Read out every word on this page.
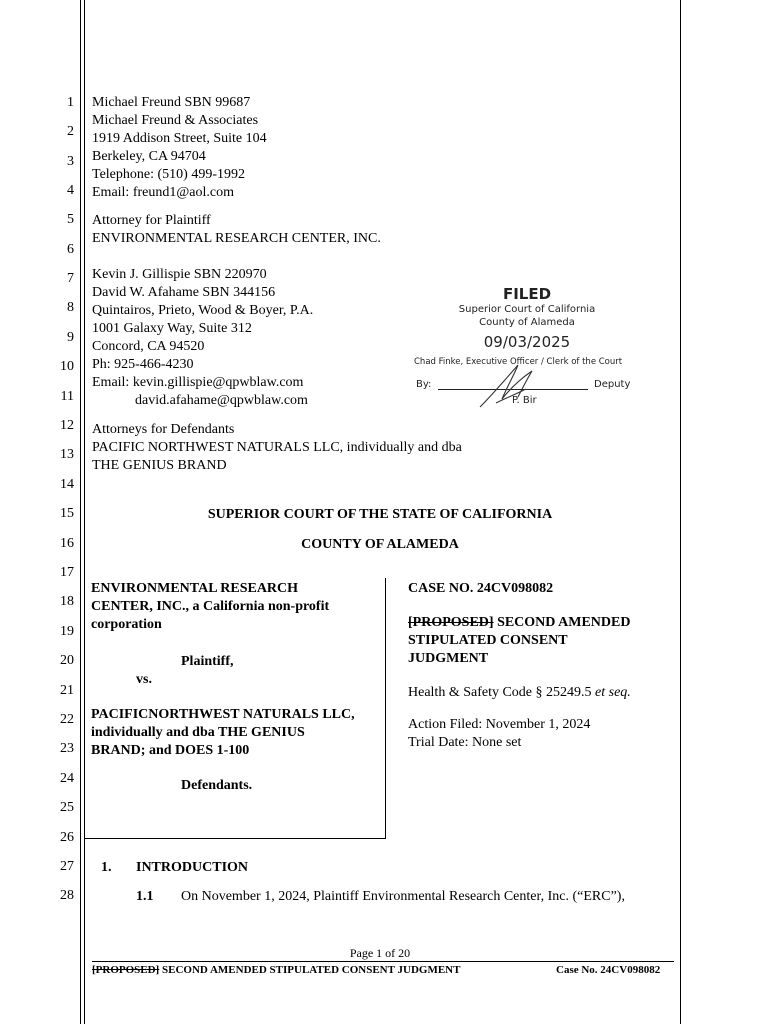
1
2
3
4
5
6
7
8
9
10
11
12
13
14
15
16
17
18
19
20
21
22
23
24
25
26
27
28
Michael Freund SBN 99687
Michael Freund & Associates
1919 Addison Street, Suite 104
Berkeley, CA 94704
Telephone: (510) 499-1992
Email: freund1@aol.com
Attorney for Plaintiff
ENVIRONMENTAL RESEARCH CENTER, INC.
Kevin J. Gillispie SBN 220970
David W. Afahame SBN 344156
Quintairos, Prieto, Wood & Boyer, P.A.
1001 Galaxy Way, Suite 312
Concord, CA 94520
Ph: 925-466-4230
Email: kevin.gillispie@qpwblaw.com
david.afahame@qpwblaw.com
Attorneys for Defendants
PACIFIC NORTHWEST NATURALS LLC, individually and dba
THE GENIUS BRAND
FILED
Superior Court of California
County of Alameda
09/03/2025
Chad Finke, Executive Officer / Clerk of the Court
By:	Deputy
P. Bir
SUPERIOR COURT OF THE STATE OF CALIFORNIA
COUNTY OF ALAMEDA
ENVIRONMENTAL RESEARCH
CENTER, INC., a California non-profit
corporation
Plaintiff,
vs.
PACIFICNORTHWEST NATURALS LLC,
individually and dba THE GENIUS
BRAND; and DOES 1-100
Defendants.
CASE NO. 24CV098082
[PROPOSED] SECOND AMENDED
STIPULATED CONSENT
JUDGMENT
Health & Safety Code § 25249.5 et seq.
Action Filed: November 1, 2024
Trial Date: None set
1. INTRODUCTION
1.1 On November 1, 2024, Plaintiff Environmental Research Center, Inc. (“ERC”),
Page 1 of 20
[PROPOSED] SECOND AMENDED STIPULATED CONSENT JUDGMENT	Case No. 24CV098082
